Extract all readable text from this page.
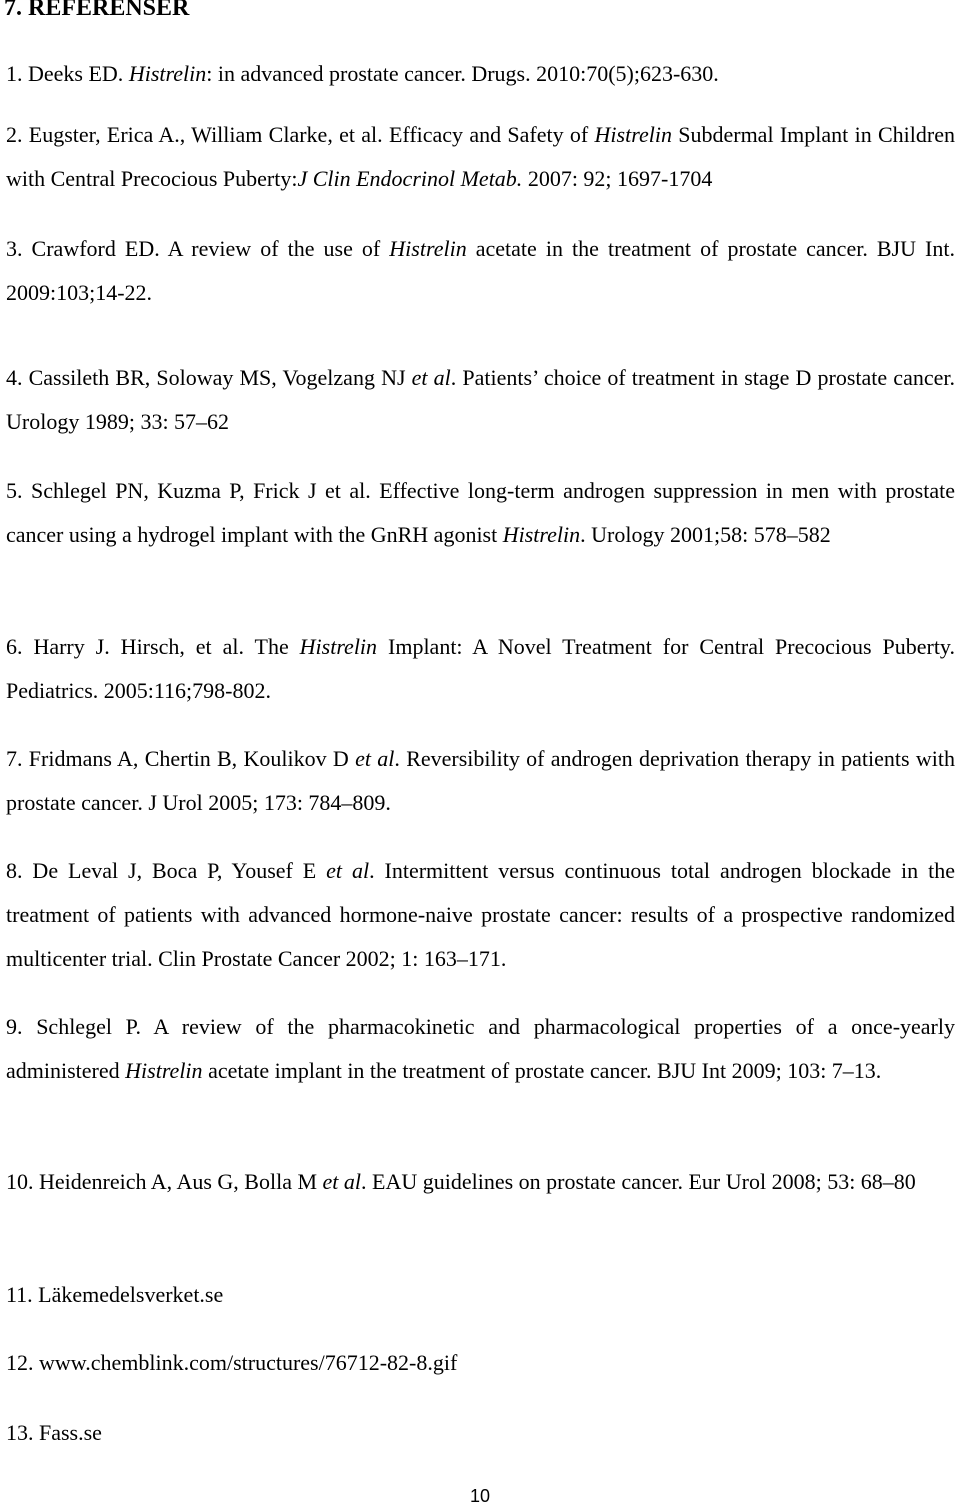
7. REFERENSER
1. Deeks ED. Histrelin: in advanced prostate cancer. Drugs. 2010:70(5);623-630.
2. Eugster, Erica A., William Clarke, et al. Efficacy and Safety of Histrelin Subdermal Implant in Children with Central Precocious Puberty:J Clin Endocrinol Metab. 2007: 92; 1697-1704
3. Crawford ED. A review of the use of Histrelin acetate in the treatment of prostate cancer. BJU Int. 2009:103;14-22.
4. Cassileth BR, Soloway MS, Vogelzang NJ et al. Patients’ choice of treatment in stage D prostate cancer. Urology 1989; 33: 57–62
5. Schlegel PN, Kuzma P, Frick J et al. Effective long-term androgen suppression in men with prostate cancer using a hydrogel implant with the GnRH agonist Histrelin. Urology 2001;58: 578–582
6. Harry J. Hirsch, et al. The Histrelin Implant: A Novel Treatment for Central Precocious Puberty. Pediatrics. 2005:116;798-802.
7. Fridmans A, Chertin B, Koulikov D et al. Reversibility of androgen deprivation therapy in patients with prostate cancer. J Urol 2005; 173: 784–809.
8. De Leval J, Boca P, Yousef E et al. Intermittent versus continuous total androgen blockade in the treatment of patients with advanced hormone-naive prostate cancer: results of a prospective randomized multicenter trial. Clin Prostate Cancer 2002; 1: 163–171.
9. Schlegel P. A review of the pharmacokinetic and pharmacological properties of a once-yearly administered Histrelin acetate implant in the treatment of prostate cancer. BJU Int 2009; 103: 7–13.
10. Heidenreich A, Aus G, Bolla M et al. EAU guidelines on prostate cancer. Eur Urol 2008; 53: 68–80
11. Läkemedelsverket.se
12. www.chemblink.com/structures/76712-82-8.gif
13. Fass.se
10
